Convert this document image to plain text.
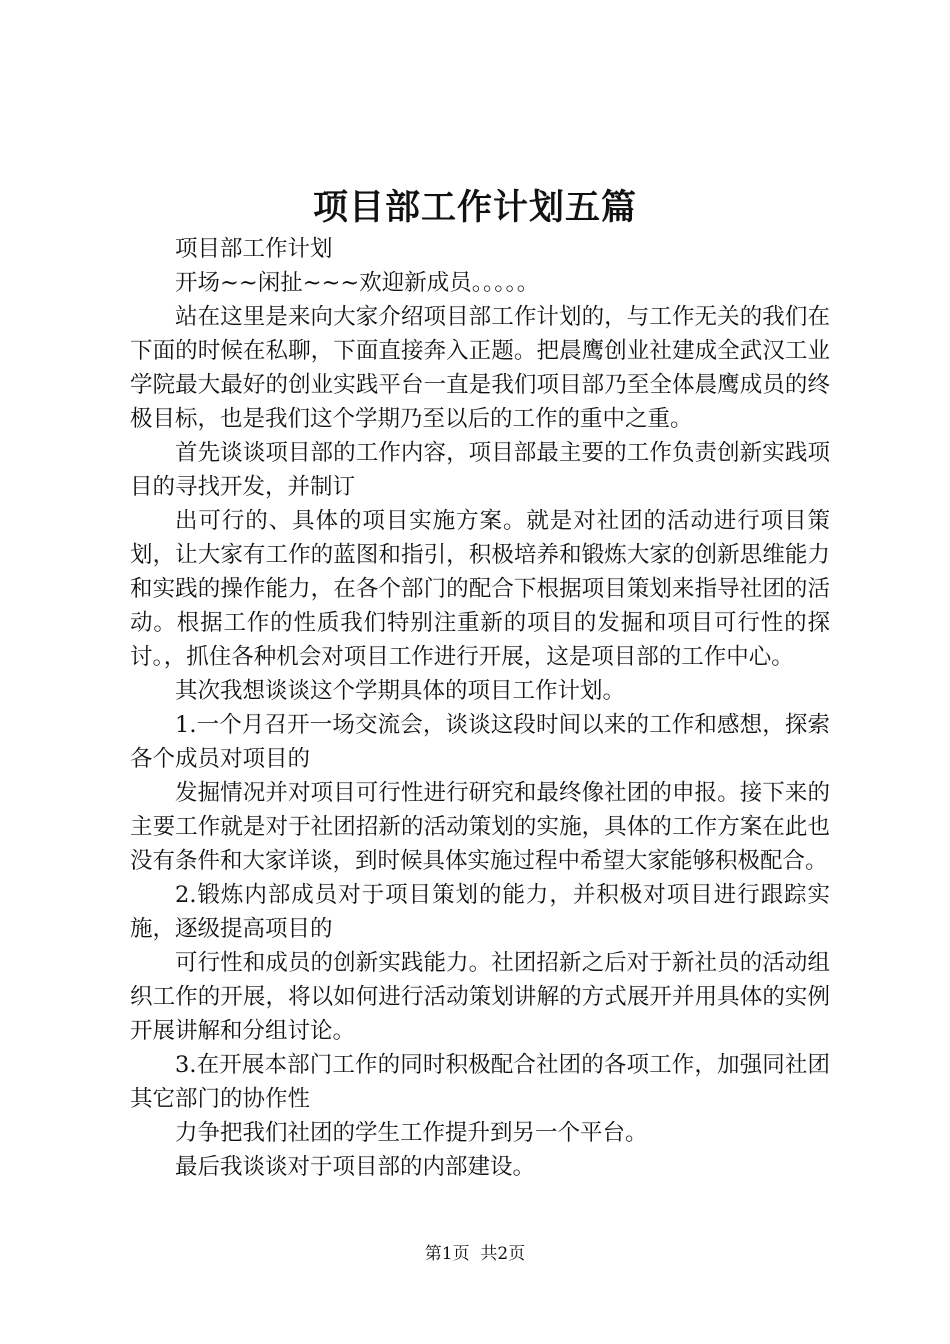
项目部工作计划五篇

项目部工作计划

开场~~闲扯~~~欢迎新成员。。。。。

站在这里是来向大家介绍项目部工作计划的，与工作无关的我们在下面的时候在私聊，下面直接奔入正题。把晨鹰创业社建成全武汉工业学院最大最好的创业实践平台一直是我们项目部乃至全体晨鹰成员的终极目标，也是我们这个学期乃至以后的工作的重中之重。

首先谈谈项目部的工作内容，项目部最主要的工作负责创新实践项目的寻找开发，并制订

出可行的、具体的项目实施方案。就是对社团的活动进行项目策划，让大家有工作的蓝图和指引，积极培养和锻炼大家的创新思维能力和实践的操作能力，在各个部门的配合下根据项目策划来指导社团的活动。根据工作的性质我们特别注重新的项目的发掘和项目可行性的探讨。，抓住各种机会对项目工作进行开展，这是项目部的工作中心。

其次我想谈谈这个学期具体的项目工作计划。

1.一个月召开一场交流会，谈谈这段时间以来的工作和感想，探索各个成员对项目的

发掘情况并对项目可行性进行研究和最终像社团的申报。接下来的主要工作就是对于社团招新的活动策划的实施，具体的工作方案在此也没有条件和大家详谈，到时候具体实施过程中希望大家能够积极配合。

2.锻炼内部成员对于项目策划的能力，并积极对项目进行跟踪实施，逐级提高项目的

可行性和成员的创新实践能力。社团招新之后对于新社员的活动组织工作的开展，将以如何进行活动策划讲解的方式展开并用具体的实例开展讲解和分组讨论。

3.在开展本部门工作的同时积极配合社团的各项工作，加强同社团其它部门的协作性

力争把我们社团的学生工作提升到另一个平台。

最后我谈谈对于项目部的内部建设。

第1页  共2页
